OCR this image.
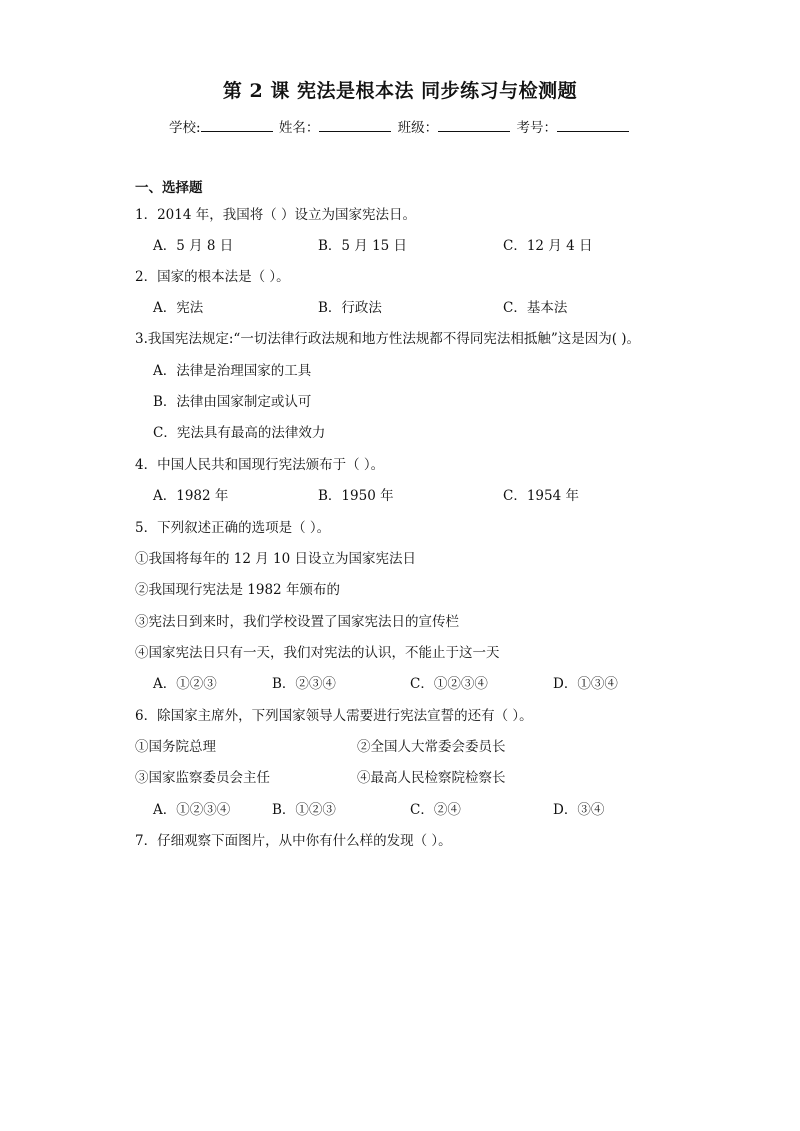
第 2 课 宪法是根本法 同步练习与检测题
学校:	姓名：	班级：	考号：
一、选择题
1．2014 年，我国将（ ）设立为国家宪法日。
A．5 月 8 日	B．5 月 15 日	C．12 月 4 日
2．国家的根本法是（ ）。
A．宪法	B．行政法	C．基本法
3.我国宪法规定:“一切法律行政法规和地方性法规都不得同宪法相抵触”这是因为( )。
A．法律是治理国家的工具
B．法律由国家制定或认可
C．宪法具有最高的法律效力
4．中国人民共和国现行宪法颁布于（ ）。
A．1982 年	B．1950 年	C．1954 年
5．下列叙述正确的选项是（ ）。
①我国将每年的 12 月 10 日设立为国家宪法日
②我国现行宪法是 1982 年颁布的
③宪法日到来时，我们学校设置了国家宪法日的宣传栏
④国家宪法日只有一天，我们对宪法的认识，不能止于这一天
A．①②③	B．②③④	C．①②③④	D．①③④
6．除国家主席外，下列国家领导人需要进行宪法宣誓的还有（ ）。
①国务院总理	②全国人大常委会委员长
③国家监察委员会主任	④最高人民检察院检察长
A．①②③④	B．①②③	C．②④	D．③④
7．仔细观察下面图片，从中你有什么样的发现（ ）。
